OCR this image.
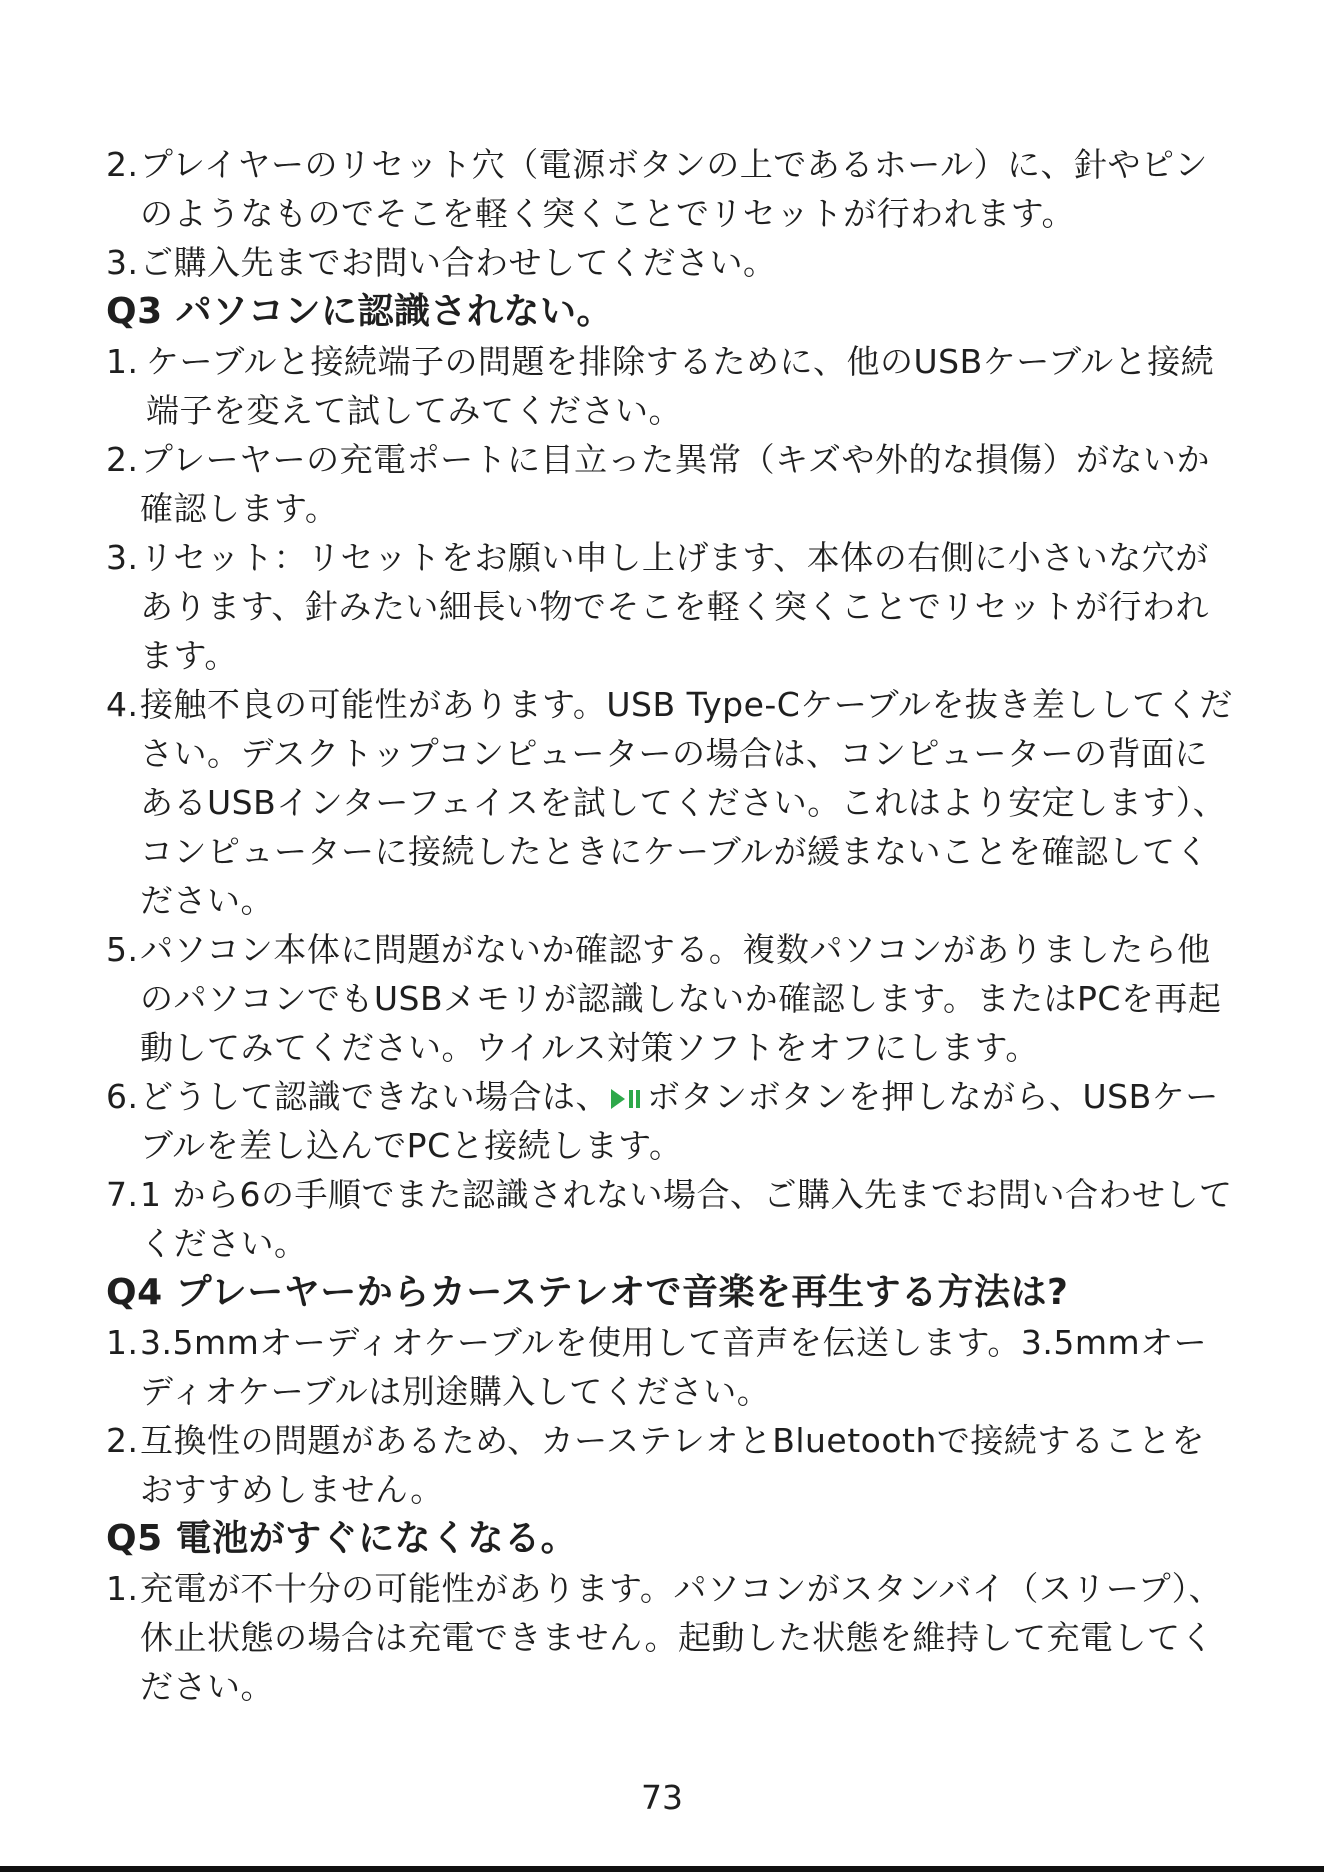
2. プレイヤーのリセット穴（電源ボタンの上であるホール）に、針やピンのようなものでそこを軽く突くことでリセットが行われます。
3. ご購入先までお問い合わせしてください。
Q3 パソコンに認識されない。
1. ケーブルと接続端子の問題を排除するために、他のUSBケーブルと接続端子を変えて試してみてください。
2. プレーヤーの充電ポートに目立った異常（キズや外的な損傷）がないか確認します。
3. リセット：リセットをお願い申し上げます、本体の右側に小さいな穴があります、針みたい細長い物でそこを軽く突くことでリセットが行われます。
4. 接触不良の可能性があります。USB Type-Cケーブルを抜き差ししてください。デスクトップコンピューターの場合は、コンピューターの背面にあるUSBインターフェイスを試してください。これはより安定します）、コンピューターに接続したときにケーブルが緩まないことを確認してください。
5. パソコン本体に問題がないか確認する。複数パソコンがありましたら他のパソコンでもUSBメモリが認識しないか確認します。またはPCを再起動してみてください。ウイルス対策ソフトをオフにします。
6. どうして認識できない場合は、 ボタンボタンを押しながら、USBケーブルを差し込んでPCと接続します。
7. 1 から6の手順でまた認識されない場合、ご購入先までお問い合わせしてください。
Q4 プレーヤーからカーステレオで音楽を再生する方法は?
1. 3.5mmオーディオケーブルを使用して音声を伝送します。3.5mmオーディオケーブルは別途購入してください。
2. 互換性の問題があるため、カーステレオとBluetoothで接続することをおすすめしません。
Q5 電池がすぐになくなる。
1. 充電が不十分の可能性があります。パソコンがスタンバイ（スリープ）、休止状態の場合は充電できません。起動した状態を維持して充電してください。
73
